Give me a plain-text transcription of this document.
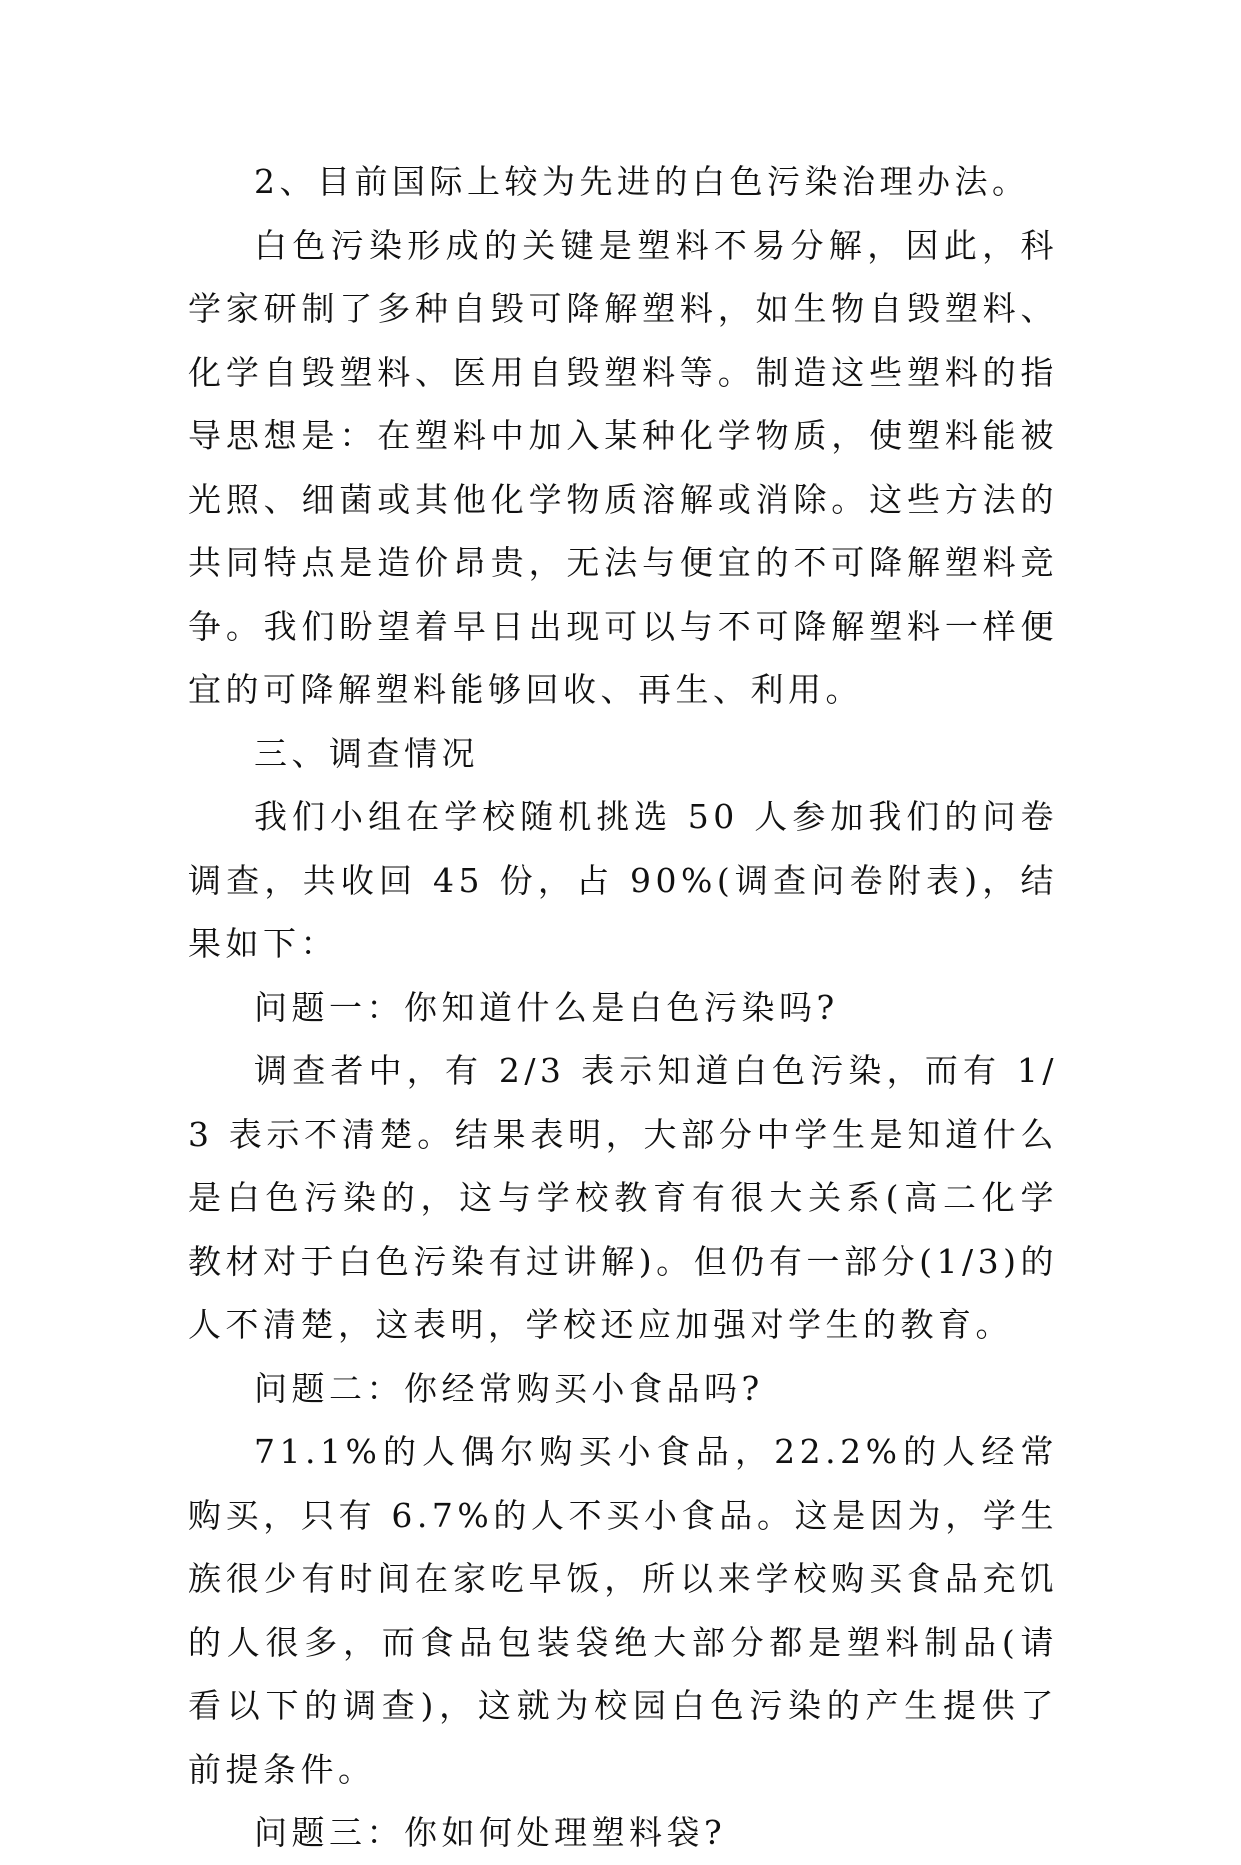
2、目前国际上较为先进的白色污染治理办法。

白色污染形成的关键是塑料不易分解，因此，科学家研制了多种自毁可降解塑料，如生物自毁塑料、化学自毁塑料、医用自毁塑料等。制造这些塑料的指导思想是：在塑料中加入某种化学物质，使塑料能被光照、细菌或其他化学物质溶解或消除。这些方法的共同特点是造价昂贵，无法与便宜的不可降解塑料竞争。我们盼望着早日出现可以与不可降解塑料一样便宜的可降解塑料能够回收、再生、利用。

三、调查情况

我们小组在学校随机挑选 50 人参加我们的问卷调查，共收回 45 份，占 90%(调查问卷附表)，结果如下：

问题一：你知道什么是白色污染吗?

调查者中，有 2/3 表示知道白色污染，而有 1/3 表示不清楚。结果表明，大部分中学生是知道什么是白色污染的，这与学校教育有很大关系(高二化学教材对于白色污染有过讲解)。但仍有一部分(1/3)的人不清楚，这表明，学校还应加强对学生的教育。

问题二：你经常购买小食品吗?

71.1%的人偶尔购买小食品，22.2%的人经常购买，只有 6.7%的人不买小食品。这是因为，学生族很少有时间在家吃早饭，所以来学校购买食品充饥的人很多，而食品包装袋绝大部分都是塑料制品(请看以下的调查)，这就为校园白色污染的产生提供了前提条件。

问题三：你如何处理塑料袋?
